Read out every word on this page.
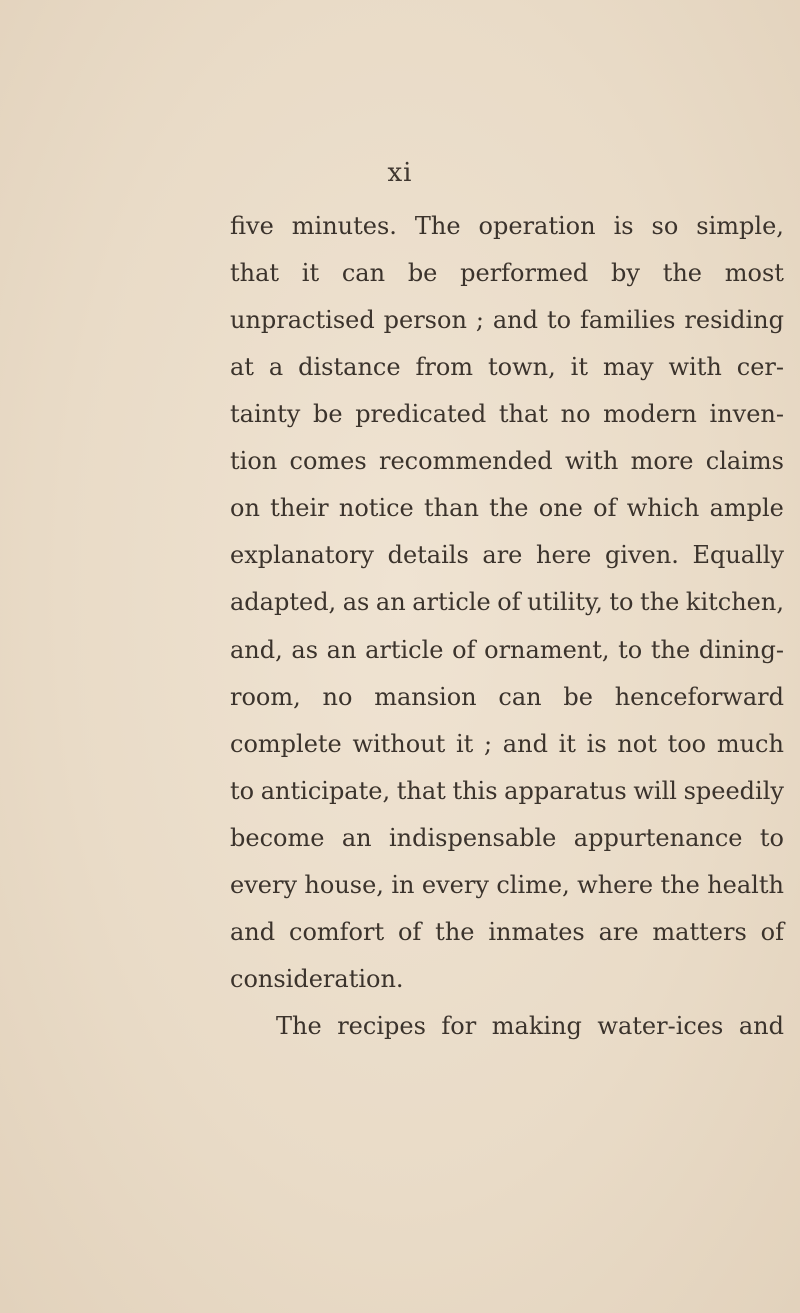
xi
five minutes. The operation is so simple,
that it can be performed by the most
unpractised person ; and to families residing
at a distance from town, it may with cer-
tainty be predicated that no modern inven-
tion comes recommended with more claims
on their notice than the one of which ample
explanatory details are here given. Equally
adapted, as an article of utility, to the kitchen,
and, as an article of ornament, to the dining-
room, no mansion can be henceforward
complete without it ; and it is not too much
to anticipate, that this apparatus will speedily
become an indispensable appurtenance to
every house, in every clime, where the health
and comfort of the inmates are matters of
consideration.
The recipes for making water-ices and
